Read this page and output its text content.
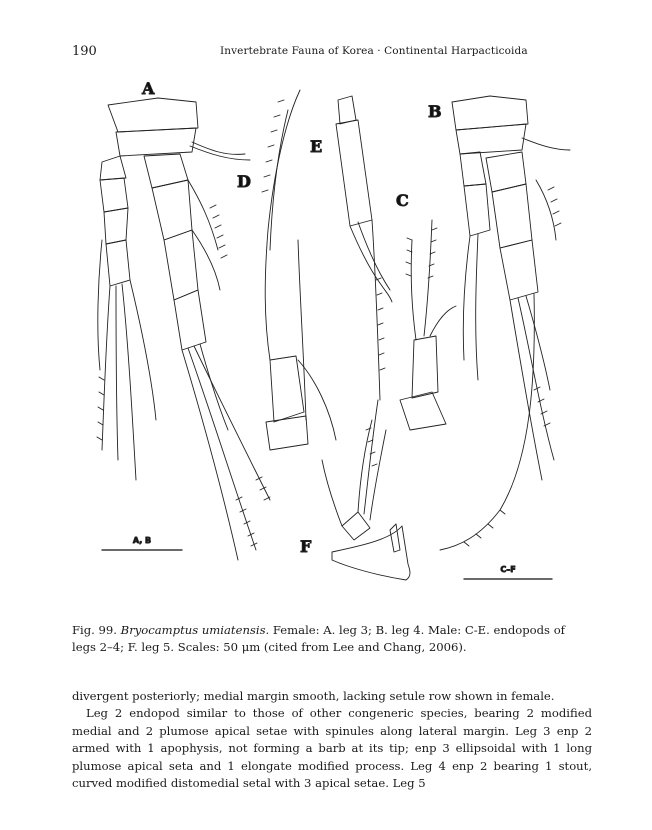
190	Invertebrate Fauna of Korea · Continental Harpacticoida
A
D
E
C
B
F
A, B
C–F
Fig. 99. Bryocamptus umiatensis. Female: A. leg 3; B. leg 4. Male: C-E. endopods of legs 2–4; F. leg 5. Scales: 50 μm (cited from Lee and Chang, 2006).

divergent posteriorly; medial margin smooth, lacking setule row shown in female.

Leg 2 endopod similar to those of other congeneric species, bearing 2 modified medial and 2 plumose apical setae with spinules along lateral margin. Leg 3 enp 2 armed with 1 apophysis, not forming a barb at its tip; enp 3 ellipsoidal with 1 long plumose apical seta and 1 elongate modified process. Leg 4 enp 2 bearing 1 stout, curved modified distomedial setal with 3 apical setae. Leg 5
